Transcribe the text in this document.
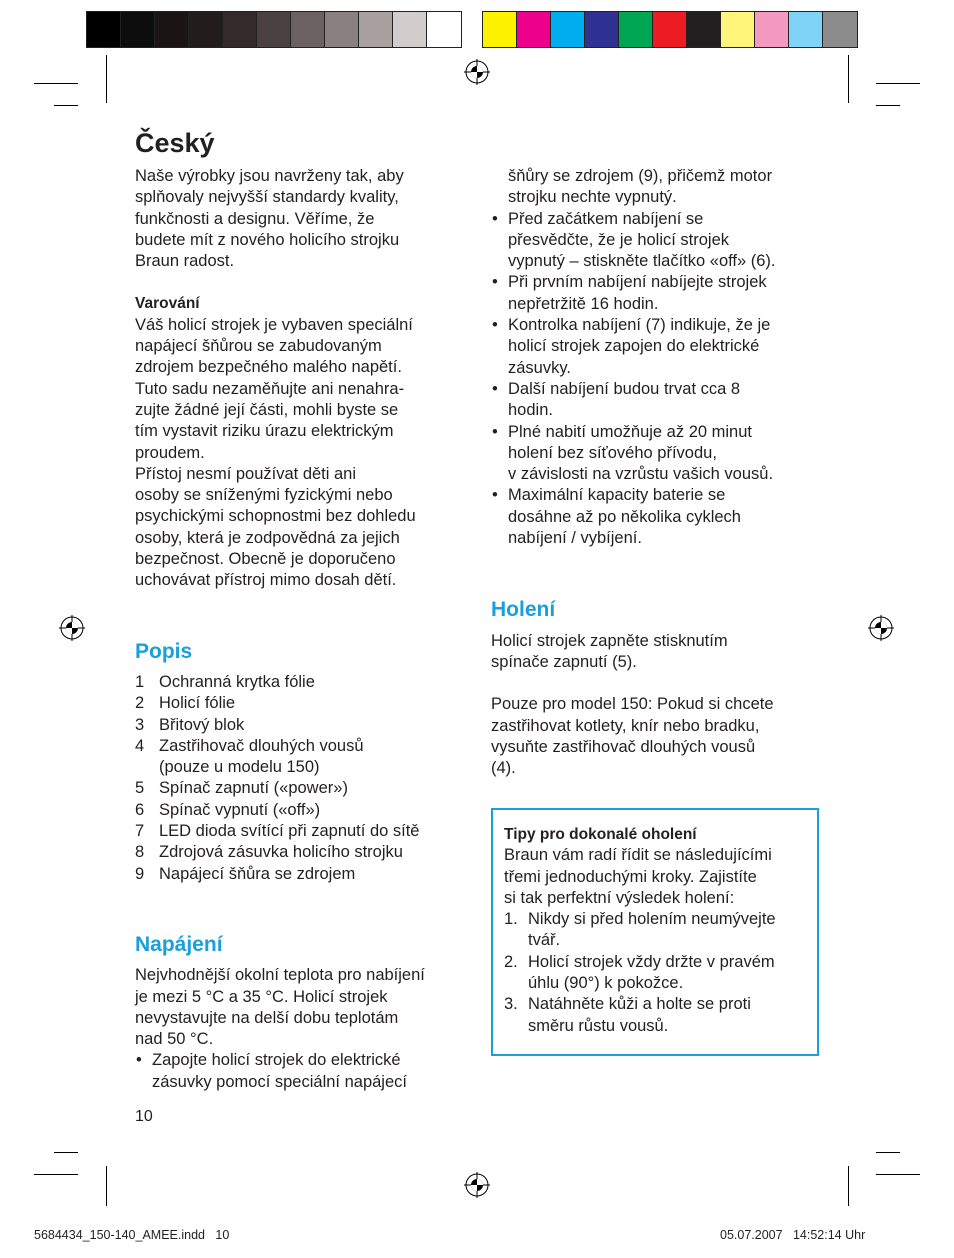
Český

Naše výrobky jsou navrženy tak, aby
splňovaly nejvyšší standardy kvality,
funkčnosti a designu. Věříme, že
budete mít z nového holicího strojku
Braun radost.

Varování

Váš holicí strojek je vybaven speciální
napájecí šňůrou se zabudovaným
zdrojem bezpečného malého napětí.
Tuto sadu nezaměňujte ani nenahra-
zujte žádné její části, mohli byste se
tím vystavit riziku úrazu elektrickým
proudem.
Přístoj nesmí používat děti ani
osoby se sníženými fyzickými nebo
psychickými schopnostmi bez dohledu
osoby, která je zodpovědná za jejich
bezpečnost. Obecně je doporučeno
uchovávat přístroj mimo dosah dětí.

Popis
1 Ochranná krytka fólie
2 Holicí fólie
3 Břitový blok
4 Zastřihovač dlouhých vousů
(pouze u modelu 150)
5 Spínač zapnutí («power»)
6 Spínač vypnutí («off»)
7 LED dioda svítící při zapnutí do sítě
8 Zdrojová zásuvka holicího strojku
9 Napájecí šňůra se zdrojem
Napájení

Nejvhodnější okolní teplota pro nabíjení
je mezi 5 °C a 35 °C. Holicí strojek
nevystavujte na delší dobu teplotám
nad 50 °C.

• Zapojte holicí strojek do elektrické
zásuvky pomocí speciální napájecí
10

šňůry se zdrojem (9), přičemž motor
strojku nechte vypnutý.

• Před začátkem nabíjení se
přesvědčte, že je holicí strojek
vypnutý – stiskněte tlačítko «off» (6).
• Při prvním nabíjení nabíjejte strojek
nepřetržitě 16 hodin.
• Kontrolka nabíjení (7) indikuje, že je
holicí strojek zapojen do elektrické
zásuvky.
• Další nabíjení budou trvat cca 8
hodin.
• Plné nabití umožňuje až 20 minut
holení bez síťového přívodu,
v závislosti na vzrůstu vašich vousů.
• Maximální kapacity baterie se
dosáhne až po několika cyklech
nabíjení / vybíjení.
Holení

Holicí strojek zapněte stisknutím
spínače zapnutí (5).

Pouze pro model 150: Pokud si chcete
zastřihovat kotlety, knír nebo bradku,
vysuňte zastřihovač dlouhých vousů
(4).

Tipy pro dokonalé oholení

Braun vám radí řídit se následujícími
třemi jednoduchými kroky. Zajistíte
si tak perfektní výsledek holení:

1. Nikdy si před holením neumývejte
tvář.
2. Holicí strojek vždy držte v pravém
úhlu (90°) k pokožce.
3. Natáhněte kůži a holte se proti
směru růstu vousů.
5684434_150-140_AMEE.indd   10	05.07.2007   14:52:14 Uhr
